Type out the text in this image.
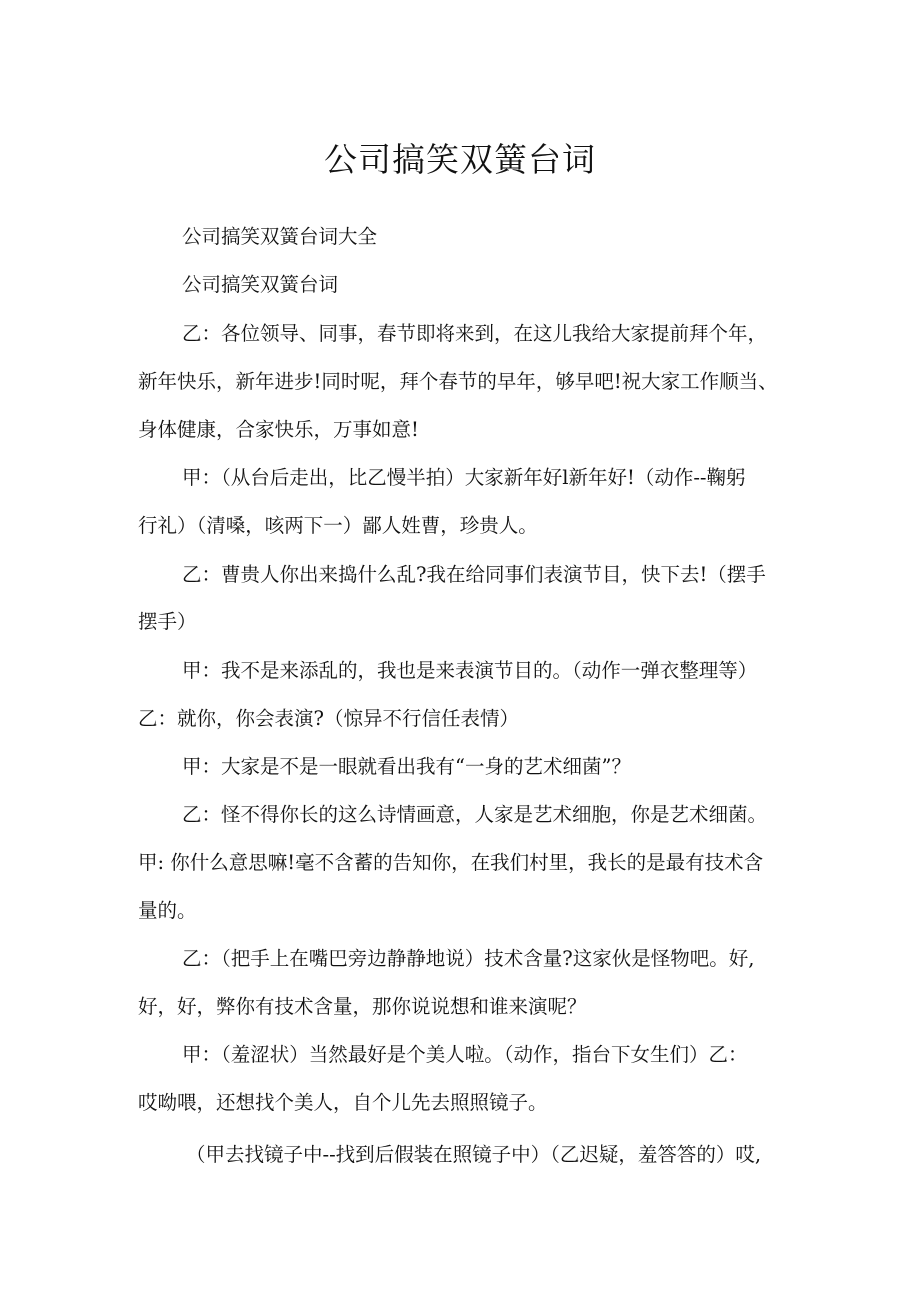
公司搞笑双簧台词

公司搞笑双簧台词大全

公司搞笑双簧台词

乙：各位领导、同事，春节即将来到，在这儿我给大家提前拜个年，

新年快乐，新年进步!同时呢，拜个春节的早年，够早吧!祝大家工作顺当、

身体健康，合家快乐，万事如意!

甲：（从台后走出，比乙慢半拍）大家新年好l新年好!（动作--鞠躬

行礼）（清嗓，咳两下一）鄙人姓曹，珍贵人。

乙：曹贵人你出来捣什么乱?我在给同事们表演节目，快下去!（摆手

摆手）

甲：我不是来添乱的，我也是来表演节目的。（动作一弹衣整理等）

乙：就你，你会表演?（惊异不行信任表情）

甲：大家是不是一眼就看出我有“一身的艺术细菌”？

乙：怪不得你长的这么诗情画意，人家是艺术细胞，你是艺术细菌。

甲: 你什么意思嘛!毫不含蓄的告知你，在我们村里，我长的是最有技术含

量的。

乙：（把手上在嘴巴旁边静静地说）技术含量?这家伙是怪物吧。好,

好，好，弊你有技术含量，那你说说想和谁来演呢？

甲：（羞涩状）当然最好是个美人啦。（动作，指台下女生们）乙：

哎呦喂，还想找个美人，自个儿先去照照镜子。

（甲去找镜子中--找到后假装在照镜子中）（乙迟疑，羞答答的）哎,
